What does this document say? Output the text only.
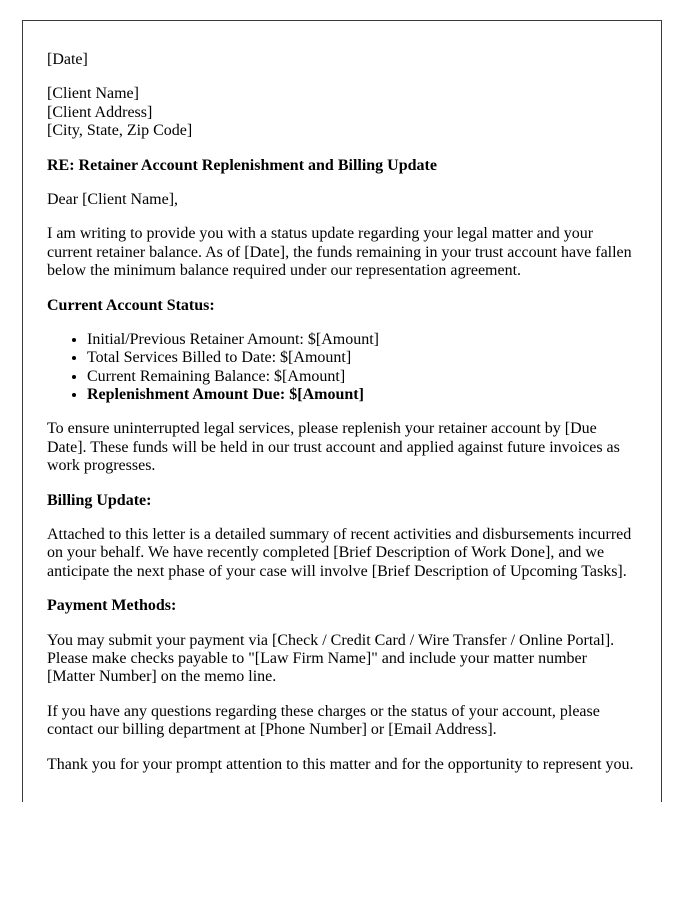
[Date]

[Client Name]
[Client Address]
[City, State, Zip Code]

RE: Retainer Account Replenishment and Billing Update

Dear [Client Name],

I am writing to provide you with a status update regarding your legal matter and your current retainer balance. As of [Date], the funds remaining in your trust account have fallen below the minimum balance required under our representation agreement.

Current Account Status:

• Initial/Previous Retainer Amount: $[Amount]
• Total Services Billed to Date: $[Amount]
• Current Remaining Balance: $[Amount]
• Replenishment Amount Due: $[Amount]

To ensure uninterrupted legal services, please replenish your retainer account by [Due Date]. These funds will be held in our trust account and applied against future invoices as work progresses.

Billing Update:

Attached to this letter is a detailed summary of recent activities and disbursements incurred on your behalf. We have recently completed [Brief Description of Work Done], and we anticipate the next phase of your case will involve [Brief Description of Upcoming Tasks].

Payment Methods:

You may submit your payment via [Check / Credit Card / Wire Transfer / Online Portal]. Please make checks payable to "[Law Firm Name]" and include your matter number [Matter Number] on the memo line.

If you have any questions regarding these charges or the status of your account, please contact our billing department at [Phone Number] or [Email Address].

Thank you for your prompt attention to this matter and for the opportunity to represent you.
